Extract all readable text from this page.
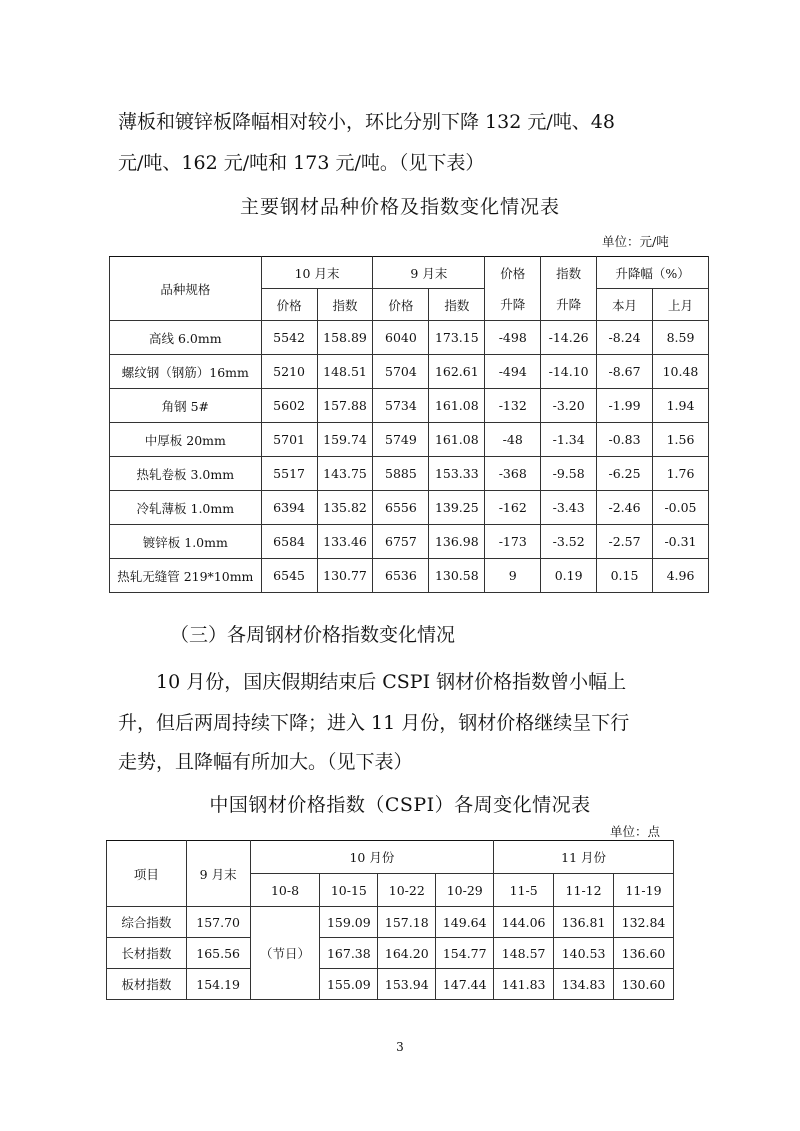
薄板和镀锌板降幅相对较小，环比分别下降 132 元/吨、48

元/吨、162 元/吨和 173 元/吨。（见下表）

主要钢材品种价格及指数变化情况表

单位：元/吨
品种规格	10 月末		9 月末		价格	指数	升降幅（%）	
	价格	指数	价格	指数	升降	升降	本月	上月
高线 6.0mm	5542	158.89	6040	173.15	-498	-14.26	-8.24	8.59
螺纹钢（钢筋）16mm	5210	148.51	5704	162.61	-494	-14.10	-8.67	10.48
角钢 5#	5602	157.88	5734	161.08	-132	-3.20	-1.99	1.94
中厚板 20mm	5701	159.74	5749	161.08	-48	-1.34	-0.83	1.56
热轧卷板 3.0mm	5517	143.75	5885	153.33	-368	-9.58	-6.25	1.76
冷轧薄板 1.0mm	6394	135.82	6556	139.25	-162	-3.43	-2.46	-0.05
镀锌板 1.0mm	6584	133.46	6757	136.98	-173	-3.52	-2.57	-0.31
热轧无缝管 219*10mm	6545	130.77	6536	130.58	9	0.19	0.15	4.96

（三）各周钢材价格指数变化情况

10 月份，国庆假期结束后 CSPI 钢材价格指数曾小幅上

升，但后两周持续下降；进入 11 月份，钢材价格继续呈下行

走势，且降幅有所加大。（见下表）

中国钢材价格指数（CSPI）各周变化情况表

单位：点
项目	9 月末	10 月份				11 月份		
		10-8	10-15	10-22	10-29	11-5	11-12	11-19
综合指数	157.70	（节日）	159.09	157.18	149.64	144.06	136.81	132.84
长材指数	165.56		167.38	164.20	154.77	148.57	140.53	136.60
板材指数	154.19		155.09	153.94	147.44	141.83	134.83	130.60
3
